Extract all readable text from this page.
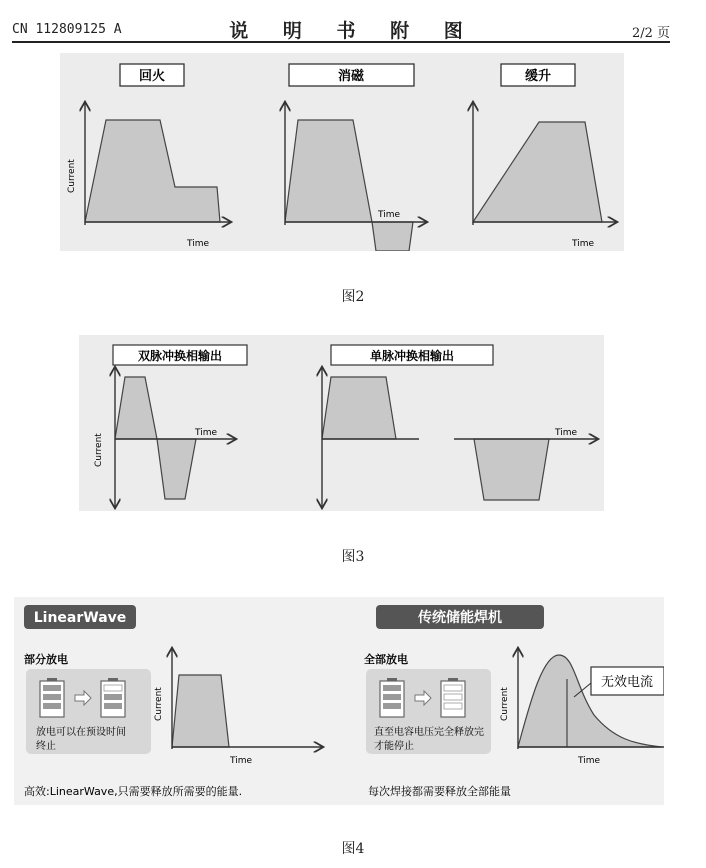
CN 112809125 A	说 明 书 附 图	2/2 页
回火	消磁	缓升
Current
Time
Time
Time
图2
双脉冲换相输出	单脉冲换相输出
Current
Time	Time
图3
LinearWave
部分放电
放电可以在预设时间
终止
Current
Time
高效:LinearWave,只需要释放所需要的能量.
传统储能焊机
全部放电
直至电容电压完全释放完
才能停止
Current
Time
无效电流
每次焊接都需要释放全部能量
图4
